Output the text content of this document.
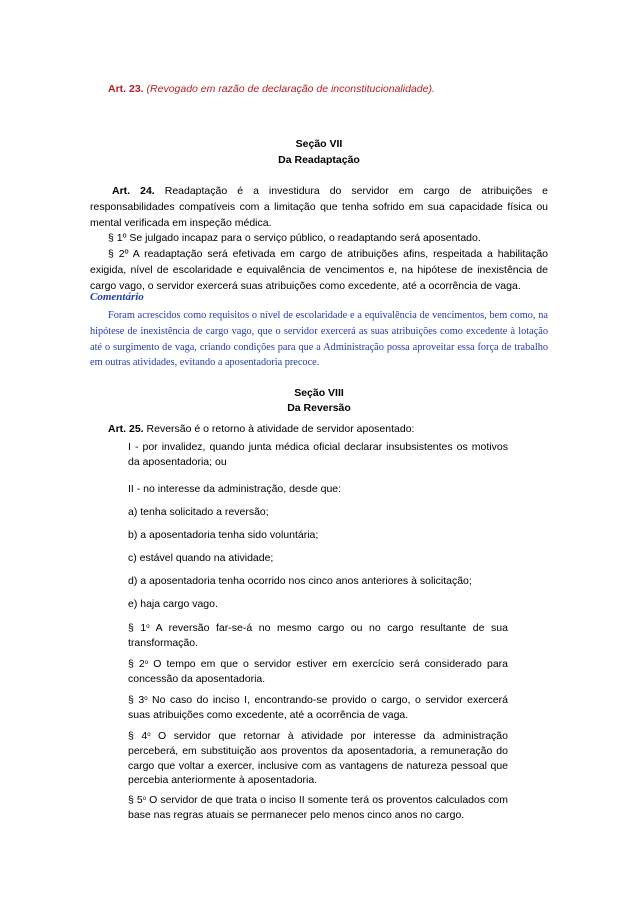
Art. 23. (Revogado em razão de declaração de inconstitucionalidade).
Seção VII
Da Readaptação

Art. 24. Readaptação é a investidura do servidor em cargo de atribuições e responsabilidades compatíveis com a limitação que tenha sofrido em sua capacidade física ou mental verificada em inspeção médica.

§ 1º Se julgado incapaz para o serviço público, o readaptando será aposentado.

§ 2º A readaptação será efetivada em cargo de atribuições afins, respeitada a habilitação exigida, nível de escolaridade e equivalência de vencimentos e, na hipótese de inexistência de cargo vago, o servidor exercerá suas atribuições como excedente, até a ocorrência de vaga.

Comentário

Foram acrescidos como requisitos o nível de escolaridade e a equivalência de vencimentos, bem como, na hipótese de inexistência de cargo vago, que o servidor exercerá as suas atribuições como excedente à lotação até o surgimento de vaga, criando condições para que a Administração possa aproveitar essa força de trabalho em outras atividades, evitando a aposentadoria precoce.

Seção VIII
Da Reversão
Art. 25. Reversão é o retorno à atividade de servidor aposentado:

I - por invalidez, quando junta médica oficial declarar insubsistentes os motivos da aposentadoria; ou

II - no interesse da administração, desde que:

a) tenha solicitado a reversão;

b) a aposentadoria tenha sido voluntária;

c) estável quando na atividade;

d) a aposentadoria tenha ocorrido nos cinco anos anteriores à solicitação;

e) haja cargo vago.

§ 1$^o$ A reversão far-se-á no mesmo cargo ou no cargo resultante de sua transformação.

§ 2$^o$ O tempo em que o servidor estiver em exercício será considerado para concessão da aposentadoria.

§ 3$^o$ No caso do inciso I, encontrando-se provido o cargo, o servidor exercerá suas atribuições como excedente, até a ocorrência de vaga.

§ 4$^o$ O servidor que retornar à atividade por interesse da administração perceberá, em substituição aos proventos da aposentadoria, a remuneração do cargo que voltar a exercer, inclusive com as vantagens de natureza pessoal que percebia anteriormente à aposentadoria.

§ 5$^o$ O servidor de que trata o inciso II somente terá os proventos calculados com base nas regras atuais se permanecer pelo menos cinco anos no cargo.
